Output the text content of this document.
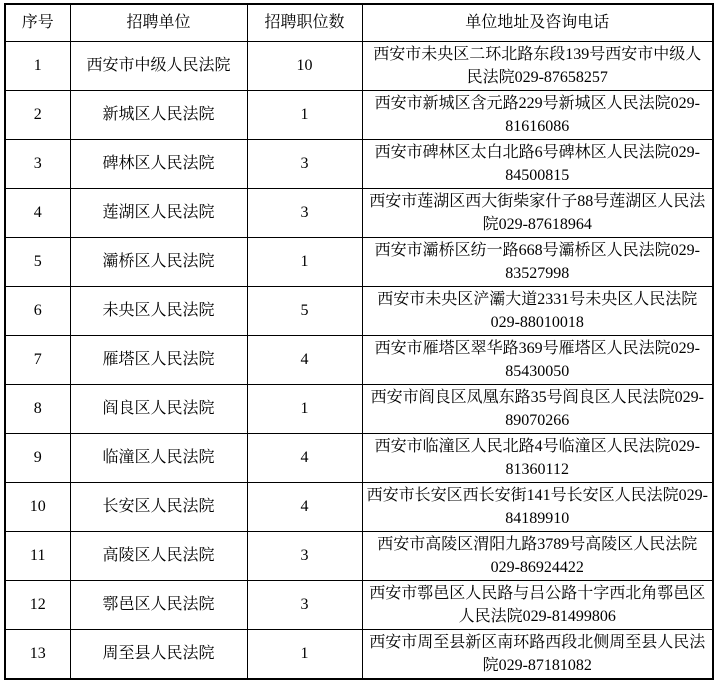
序号	招聘单位	招聘职位数	单位地址及咨询电话
1	西安市中级人民法院	10	西安市未央区二环北路东段139号西安市中级人民法院029-87658257
2	新城区人民法院	1	西安市新城区含元路229号新城区人民法院029-81616086
3	碑林区人民法院	3	西安市碑林区太白北路6号碑林区人民法院029-84500815
4	莲湖区人民法院	3	西安市莲湖区西大街柴家什子88号莲湖区人民法院029-87618964
5	灞桥区人民法院	1	西安市灞桥区纺一路668号灞桥区人民法院029-83527998
6	未央区人民法院	5	西安市未央区浐灞大道2331号未央区人民法院029-88010018
7	雁塔区人民法院	4	西安市雁塔区翠华路369号雁塔区人民法院029-85430050
8	阎良区人民法院	1	西安市阎良区凤凰东路35号阎良区人民法院029-89070266
9	临潼区人民法院	4	西安市临潼区人民北路4号临潼区人民法院029-81360112
10	长安区人民法院	4	西安市长安区西长安街141号长安区人民法院029-84189910
11	高陵区人民法院	3	西安市高陵区渭阳九路3789号高陵区人民法院029-86924422
12	鄠邑区人民法院	3	西安市鄠邑区人民路与吕公路十字西北角鄠邑区人民法院029-81499806
13	周至县人民法院	1	西安市周至县新区南环路西段北侧周至县人民法院029-87181082
